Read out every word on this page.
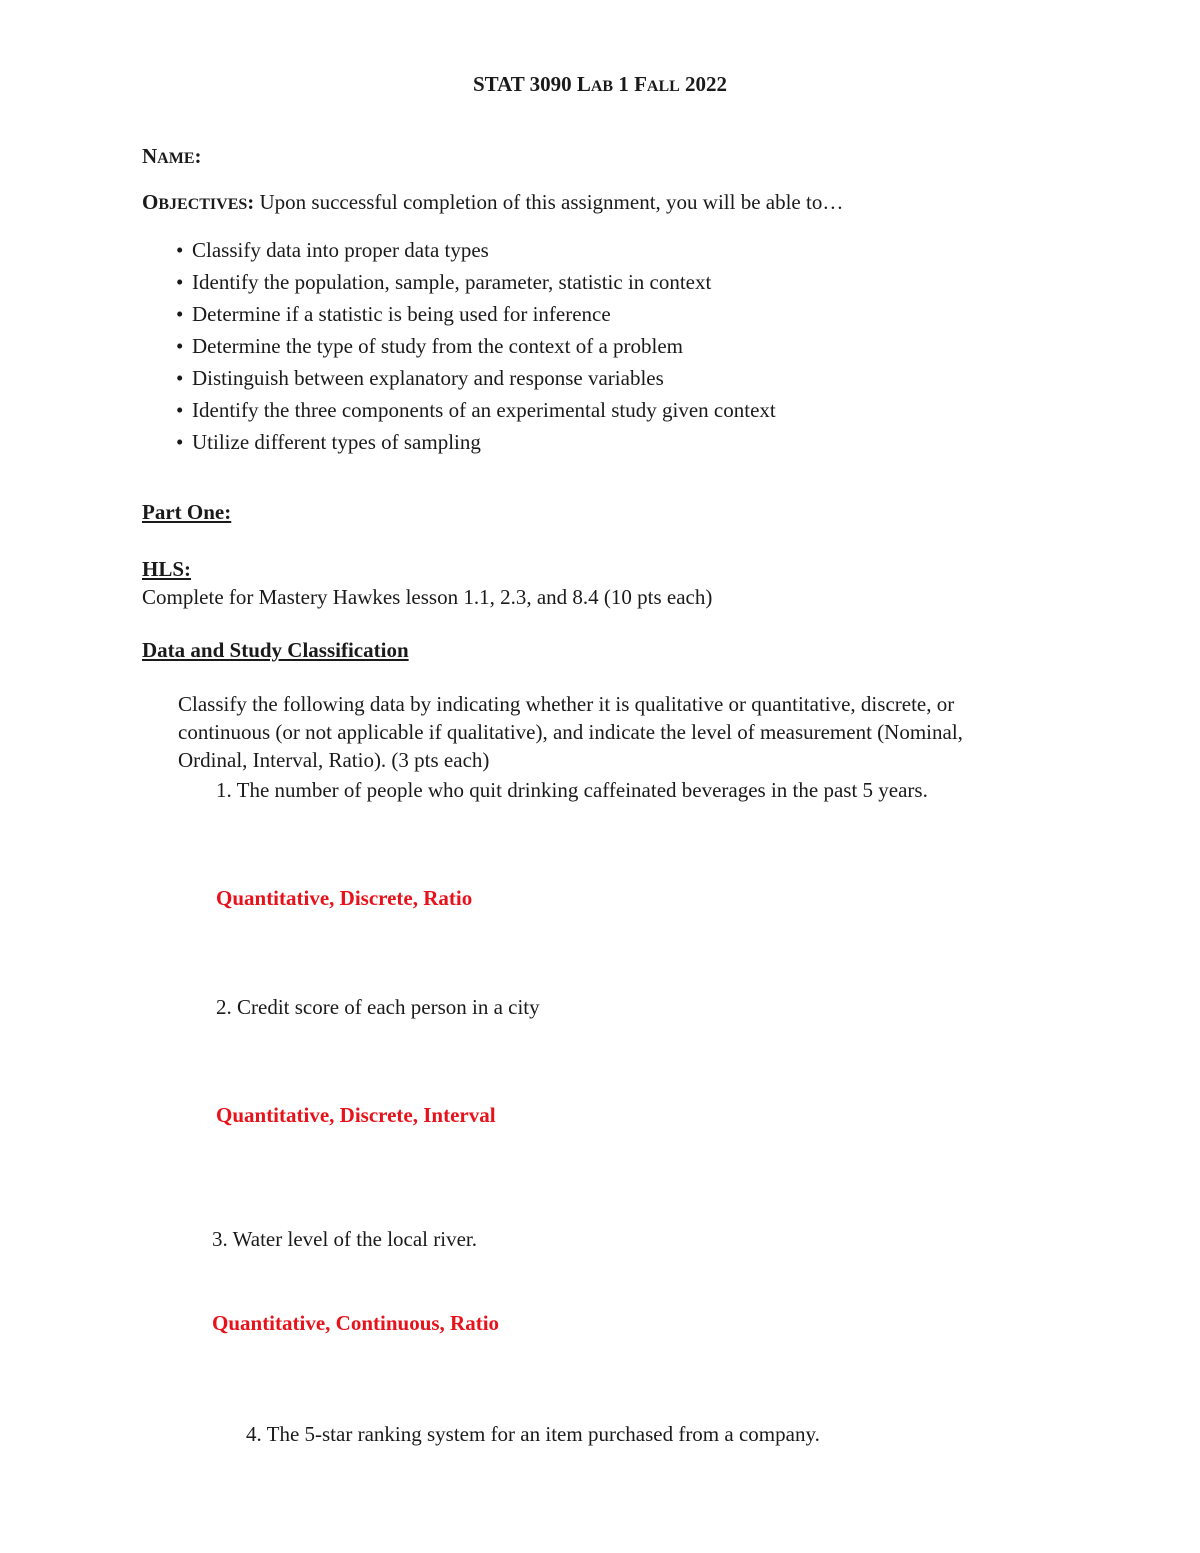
STAT 3090 LAB 1 FALL 2022
NAME:
OBJECTIVES: Upon successful completion of this assignment, you will be able to…
• Classify data into proper data types
• Identify the population, sample, parameter, statistic in context
• Determine if a statistic is being used for inference
• Determine the type of study from the context of a problem
• Distinguish between explanatory and response variables
• Identify the three components of an experimental study given context
• Utilize different types of sampling
Part One:
HLS:
Complete for Mastery Hawkes lesson 1.1, 2.3, and 8.4 (10 pts each)
Data and Study Classification
Classify the following data by indicating whether it is qualitative or quantitative, discrete, or
continuous (or not applicable if qualitative), and indicate the level of measurement (Nominal,
Ordinal, Interval, Ratio). (3 pts each)
1. The number of people who quit drinking caffeinated beverages in the past 5 years.
Quantitative, Discrete, Ratio
2. Credit score of each person in a city
Quantitative, Discrete, Interval
3. Water level of the local river.
Quantitative, Continuous, Ratio
4. The 5-star ranking system for an item purchased from a company.
